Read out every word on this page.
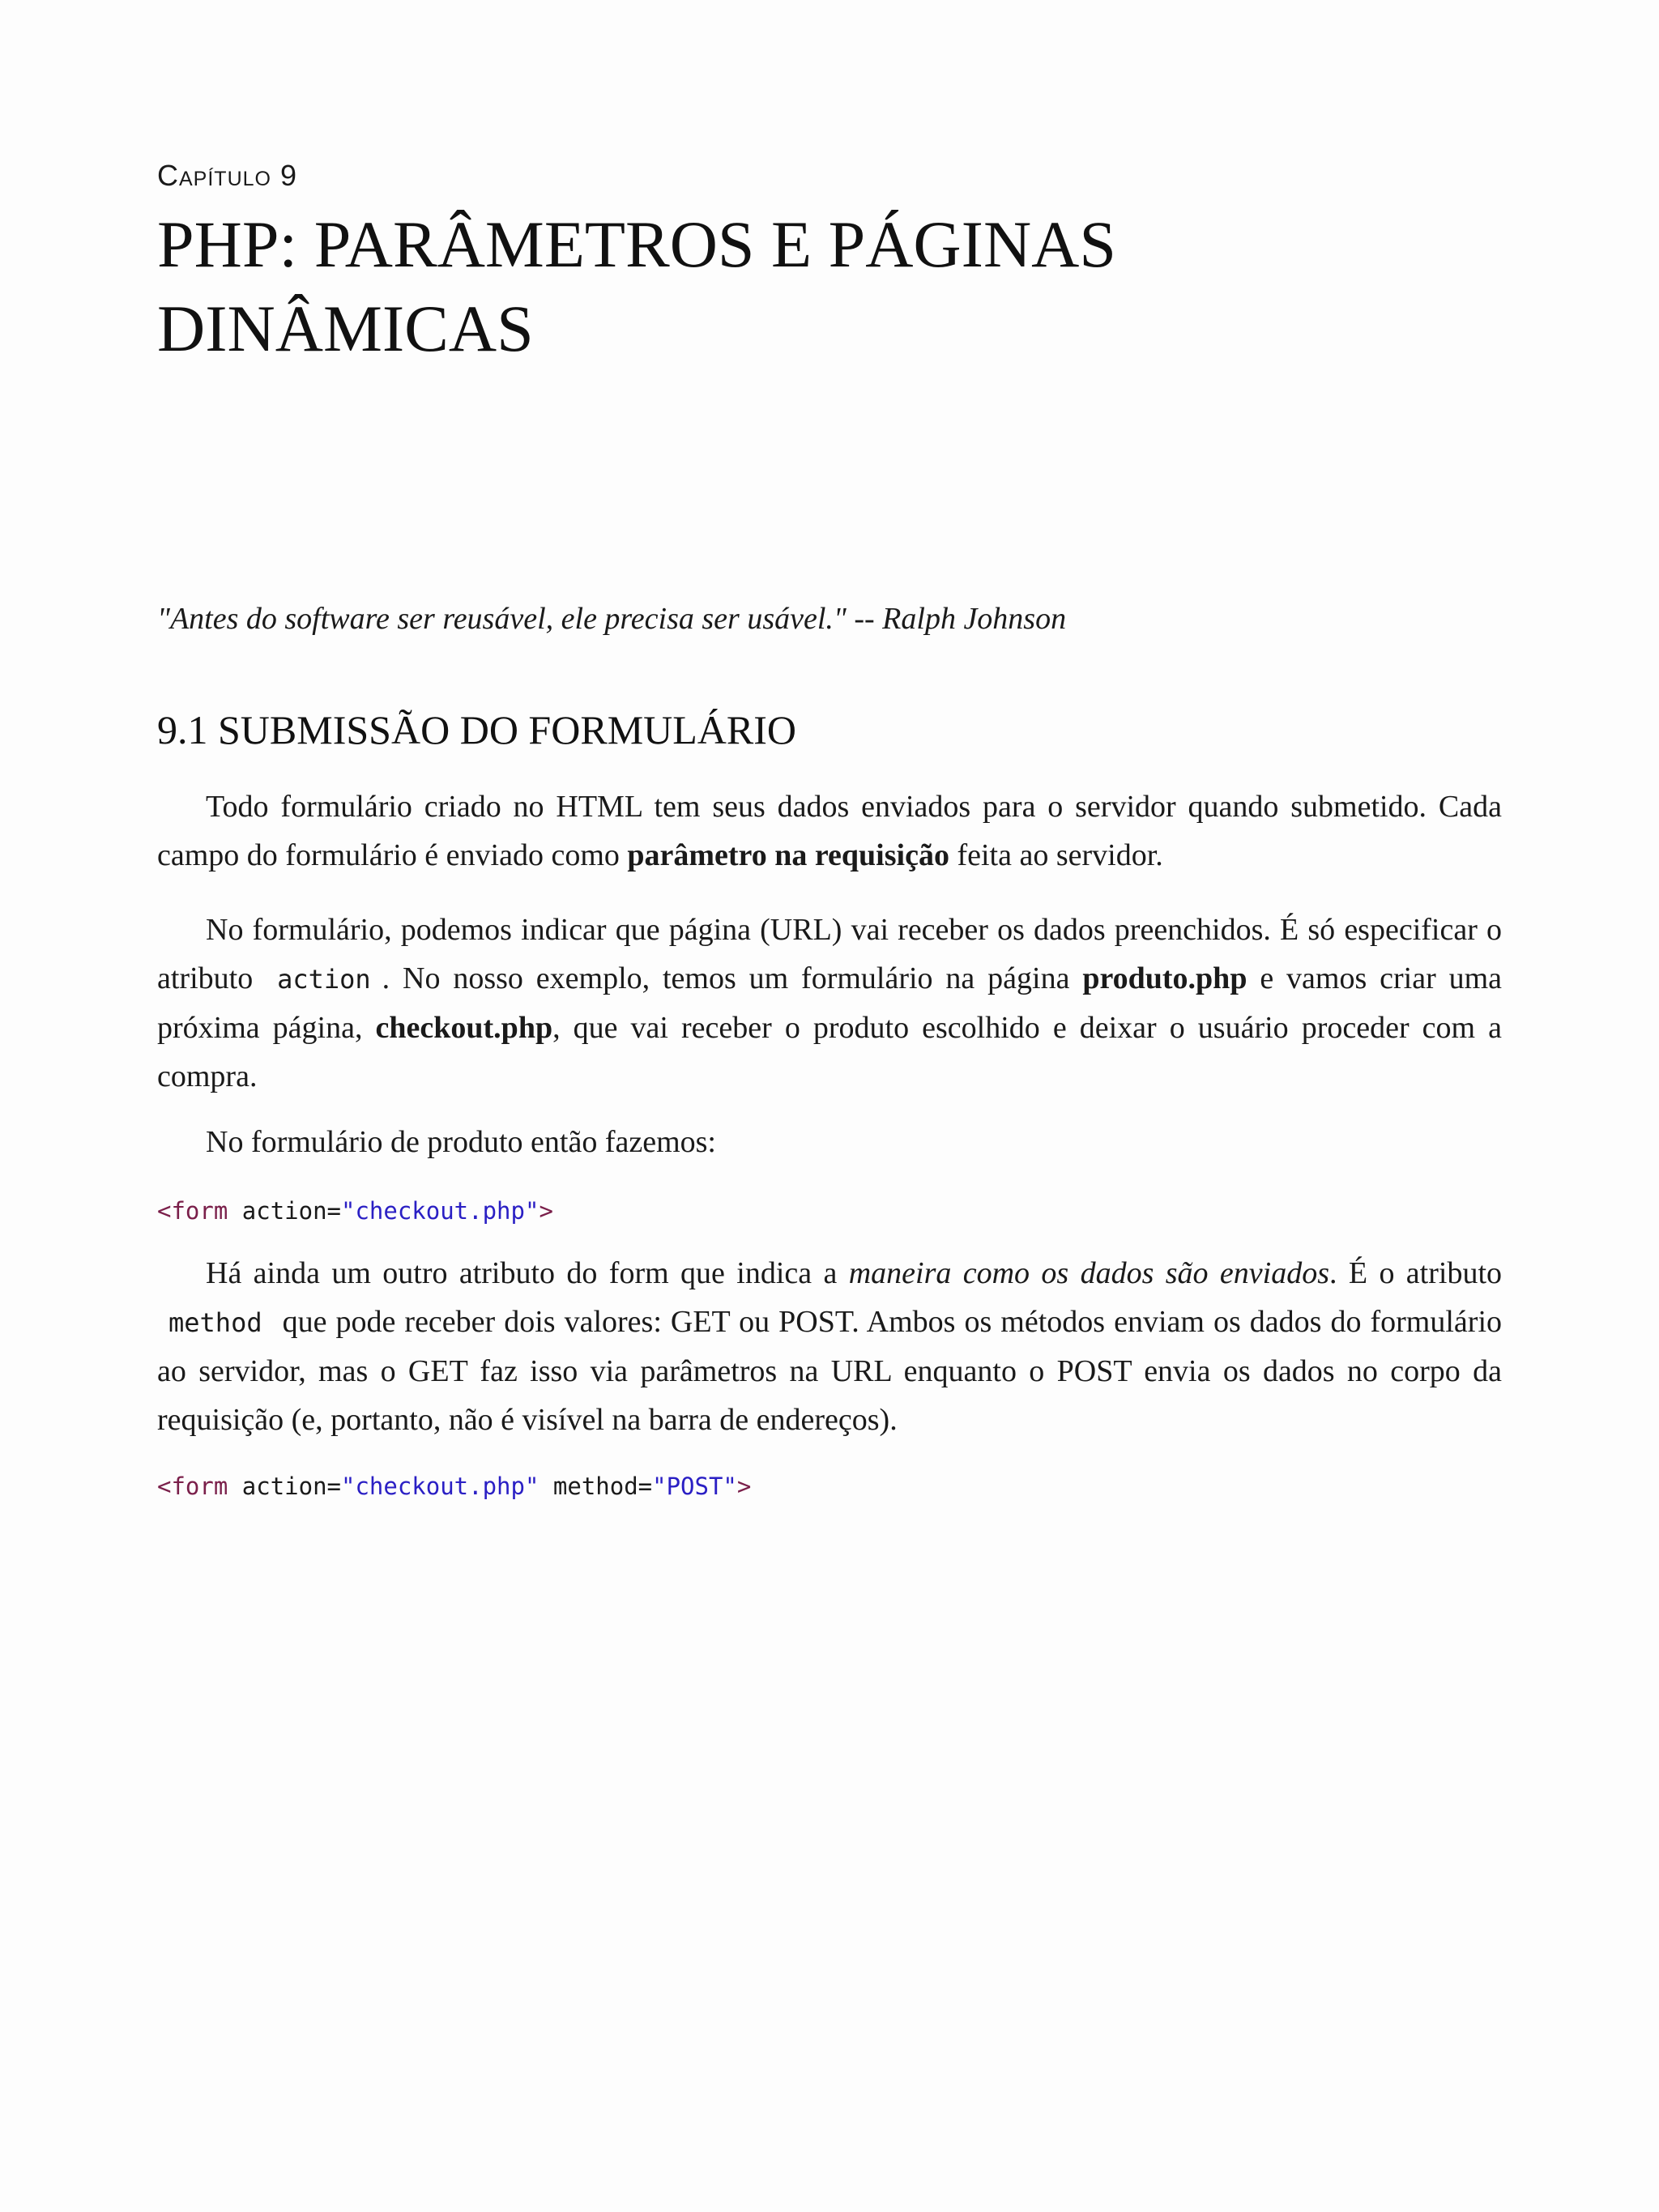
Capítulo 9
PHP: PARÂMETROS E PÁGINAS DINÂMICAS
"Antes do software ser reusável, ele precisa ser usável." -- Ralph Johnson
9.1 SUBMISSÃO DO FORMULÁRIO

Todo formulário criado no HTML tem seus dados enviados para o servidor quando submetido. Cada campo do formulário é enviado como parâmetro na requisição feita ao servidor.

No formulário, podemos indicar que página (URL) vai receber os dados preenchidos. É só especificar o atributo action . No nosso exemplo, temos um formulário na página produto.php e vamos criar uma próxima página, checkout.php, que vai receber o produto escolhido e deixar o usuário proceder com a compra.

No formulário de produto então fazemos:

<form action="checkout.php">

Há ainda um outro atributo do form que indica a maneira como os dados são enviados. É o atributo method que pode receber dois valores: GET ou POST. Ambos os métodos enviam os dados do formulário ao servidor, mas o GET faz isso via parâmetros na URL enquanto o POST envia os dados no corpo da requisição (e, portanto, não é visível na barra de endereços).

<form action="checkout.php" method="POST">
